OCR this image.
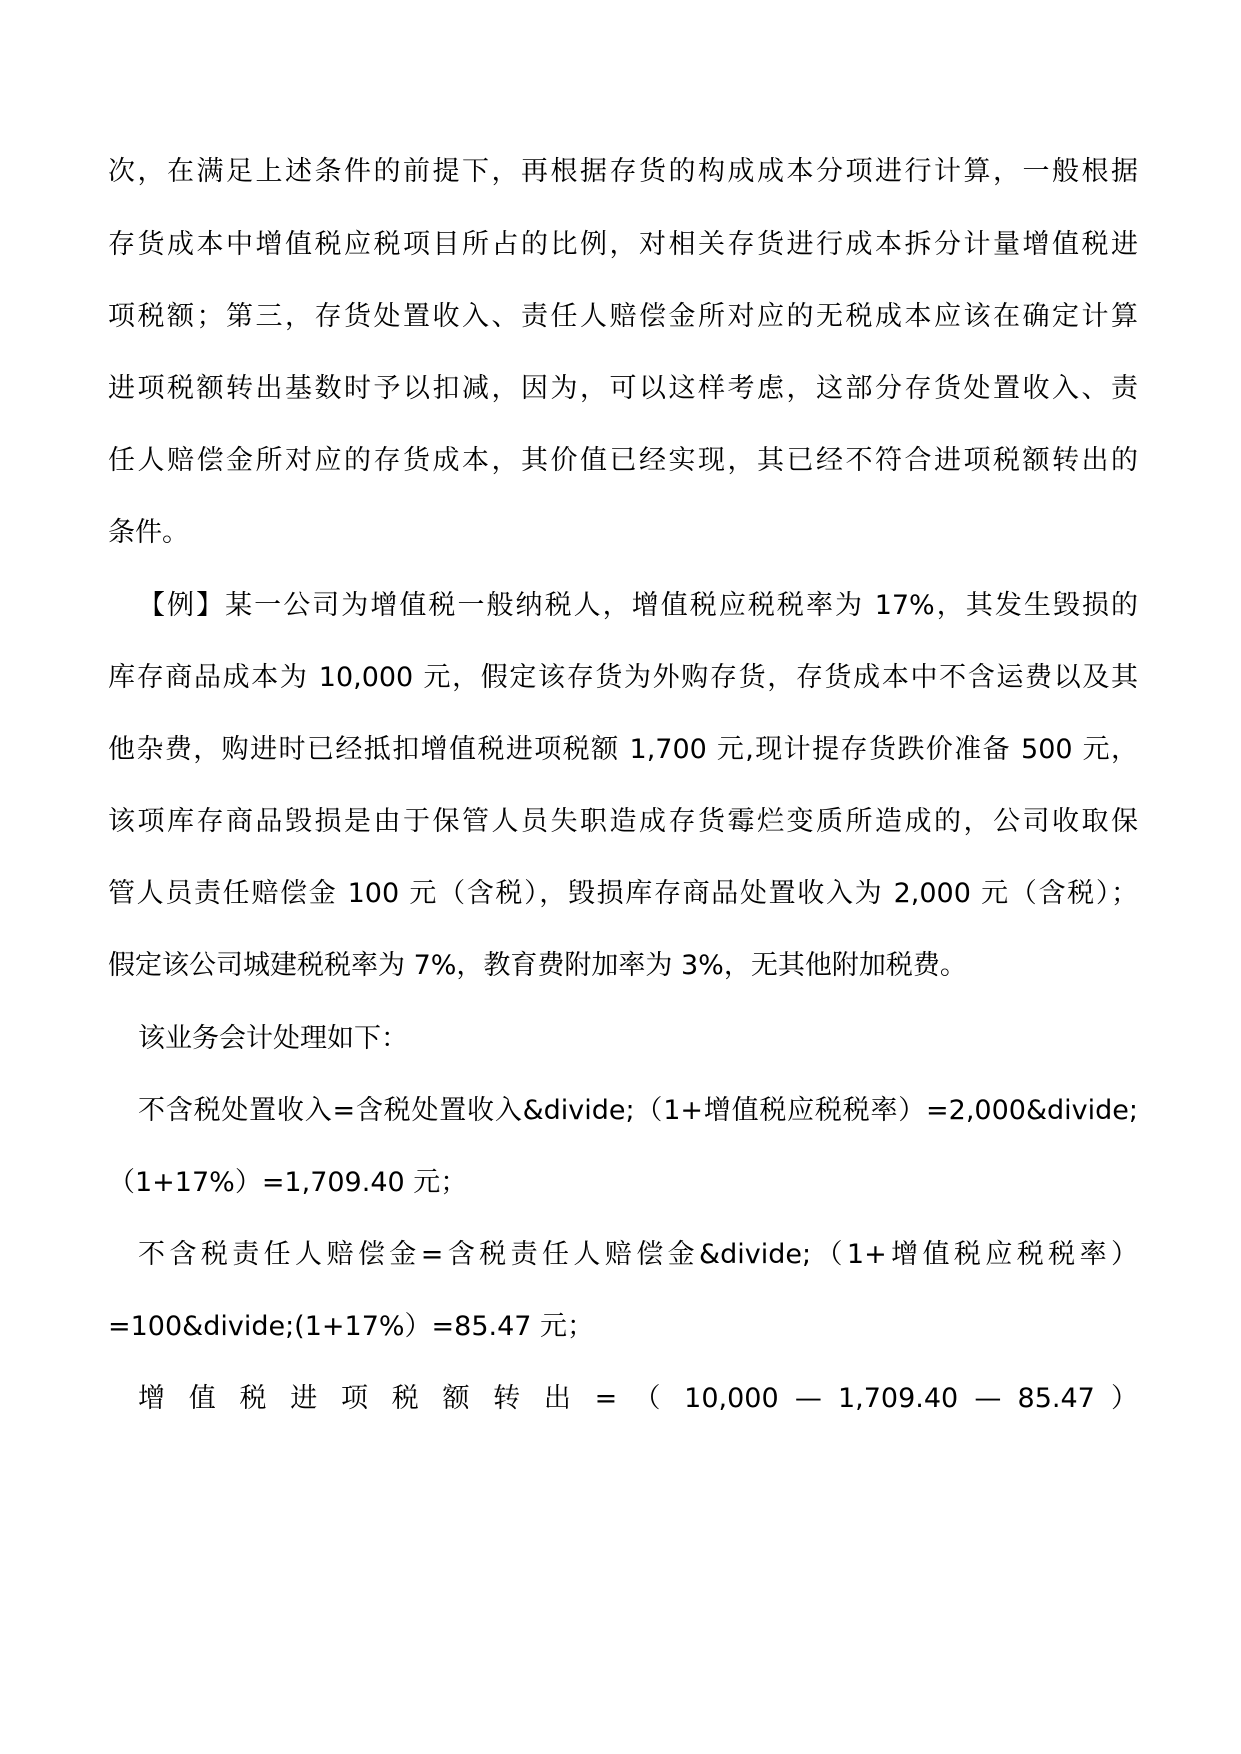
次，在满足上述条件的前提下，再根据存货的构成成本分项进行计算，一般根据
存货成本中增值税应税项目所占的比例，对相关存货进行成本拆分计量增值税进
项税额；第三，存货处置收入、责任人赔偿金所对应的无税成本应该在确定计算
进项税额转出基数时予以扣减，因为，可以这样考虑，这部分存货处置收入、责
任人赔偿金所对应的存货成本，其价值已经实现，其已经不符合进项税额转出的
条件。
【例】某一公司为增值税一般纳税人，增值税应税税率为 17%，其发生毁损的
库存商品成本为 10,000 元，假定该存货为外购存货，存货成本中不含运费以及其
他杂费，购进时已经抵扣增值税进项税额 1,700 元,现计提存货跌价准备 500 元，
该项库存商品毁损是由于保管人员失职造成存货霉烂变质所造成的，公司收取保
管人员责任赔偿金 100 元（含税），毁损库存商品处置收入为 2,000 元（含税）；
假定该公司城建税税率为 7%，教育费附加率为 3%，无其他附加税费。
该业务会计处理如下：
不含税处置收入=含税处置收入&divide;（1+增值税应税税率）=2,000&divide;
（1+17%）=1,709.40 元；
不含税责任人赔偿金=含税责任人赔偿金&divide;（1+增值税应税税率）
=100&divide;(1+17%）=85.47 元；
增 值 税 进 项 税 额 转 出 = （ 10,000 — 1,709.40 — 85.47 ）
